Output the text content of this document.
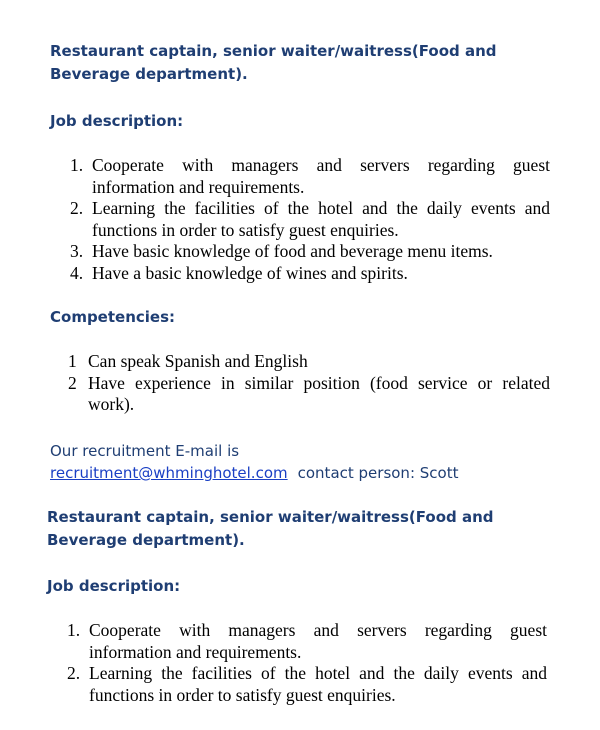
Restaurant captain, senior waiter/waitress(Food and Beverage department).
Job description:
1. Cooperate with managers and servers regarding guest information and requirements.
2. Learning the facilities of the hotel and the daily events and functions in order to satisfy guest enquiries.
3. Have basic knowledge of food and beverage menu items.
4. Have a basic knowledge of wines and spirits.
Competencies:
1 Can speak Spanish and English
2 Have experience in similar position (food service or related work).
Our recruitment E-mail is
recruitment@whminghotel.com contact person: Scott
Restaurant captain, senior waiter/waitress(Food and Beverage department).
Job description:
1. Cooperate with managers and servers regarding guest information and requirements.
2. Learning the facilities of the hotel and the daily events and functions in order to satisfy guest enquiries.
